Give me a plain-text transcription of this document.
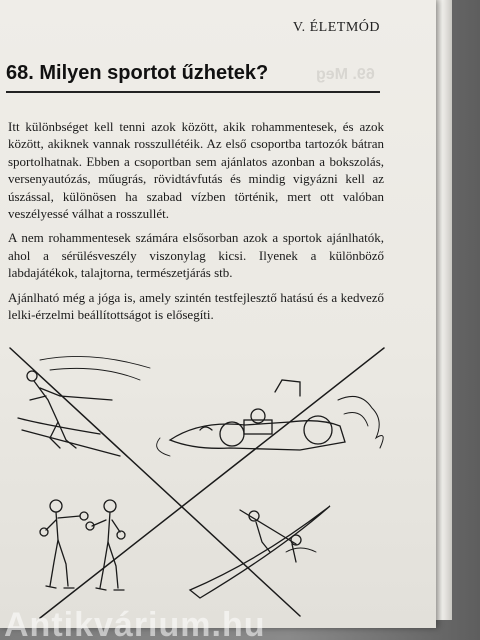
V. ÉLETMÓD
69. Meg
68. Milyen sportot űzhetek?

Itt különbséget kell tenni azok között, akik rohammentesek, és azok között, akiknek vannak rosszullétéik. Az első csoportba tartozók bátran sportolhatnak. Ebben a csoportban sem ajánlatos azonban a bokszolás, versenyautózás, műugrás, rövidtávfutás és mindig vigyázni kell az úszással, különösen ha szabad vízben történik, mert ott valóban veszélyessé válhat a rosszullét.

A nem rohammentesek számára elsősorban azok a sportok ajánlhatók, ahol a sérülésveszély viszonylag kicsi. Ilyenek a különböző labdajátékok, talajtorna, természetjárás stb.

Ajánlható még a jóga is, amely szintén testfejlesztő hatású és a kedvező lelki-érzelmi beállítottságot is elősegíti.

Antikvárium.hu
